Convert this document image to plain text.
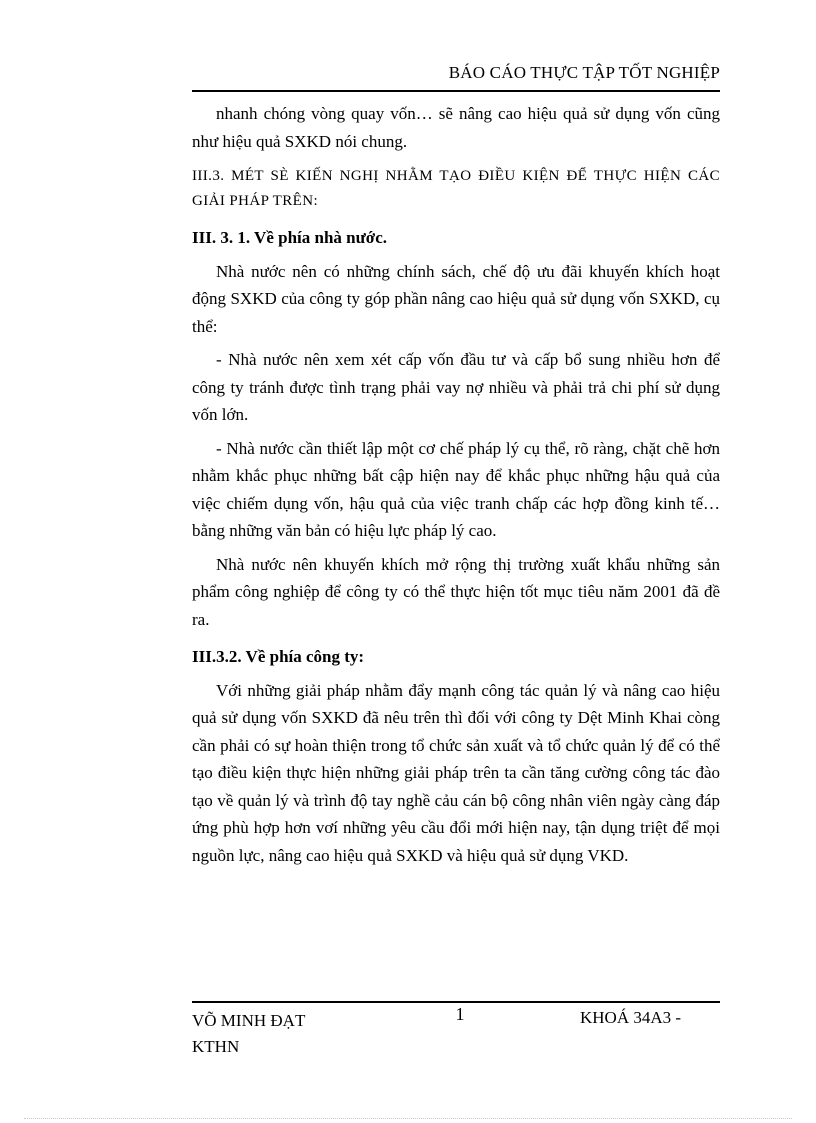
BÁO CÁO THỰC TẬP TỐT NGHIỆP

nhanh chóng vòng quay vốn… sẽ nâng cao hiệu quả sử dụng vốn cũng như hiệu quả SXKD nói chung.

III.3. MÉT SÈ KIẾN NGHỊ NHẰM TẠO ĐIỀU KIỆN ĐỂ THỰC HIỆN CÁC GIẢI PHÁP TRÊN:

III. 3. 1. Về phía nhà nước.

Nhà nước nên có những chính sách, chế độ ưu đãi khuyến khích hoạt động SXKD của công ty góp phần nâng cao hiệu quả sử dụng vốn SXKD, cụ thể:

- Nhà nước nên xem xét cấp vốn đầu tư và cấp bổ sung nhiều hơn để công ty tránh được tình trạng phải vay nợ nhiều và phải trả chi phí sử dụng vốn lớn.

- Nhà nước cần thiết lập một cơ chế pháp lý cụ thể, rõ ràng, chặt chẽ hơn nhằm khắc phục những bất cập hiện nay để khắc phục những hậu quả của việc chiếm dụng vốn, hậu quả của việc tranh chấp các hợp đồng kinh tế… bằng những văn bản có hiệu lực pháp lý cao.

Nhà nước nên khuyến khích mở rộng thị trường xuất khẩu những sản phẩm công nghiệp để công ty có thể thực hiện tốt mục tiêu năm 2001 đã đề ra.

III.3.2. Về phía công ty:

Với những giải pháp nhằm đẩy mạnh công tác quản lý và nâng cao hiệu quả sử dụng vốn SXKD đã nêu trên thì đối với công ty Dệt Minh Khai còng cần phải có sự hoàn thiện trong tổ chức sản xuất và tổ chức quản lý để có thể tạo điều kiện thực hiện những giải pháp trên ta cần tăng cường công tác đào tạo về quản lý và trình độ tay nghề cảu cán bộ công nhân viên ngày càng đáp ứng phù hợp hơn vơí những yêu cầu đổi mới hiện nay, tận dụng triệt để mọi nguồn lực, nâng cao hiệu quả SXKD và hiệu quả sử dụng VKD.

VÕ MINH ĐẠT
KTHN
1	KHOÁ 34A3 -
